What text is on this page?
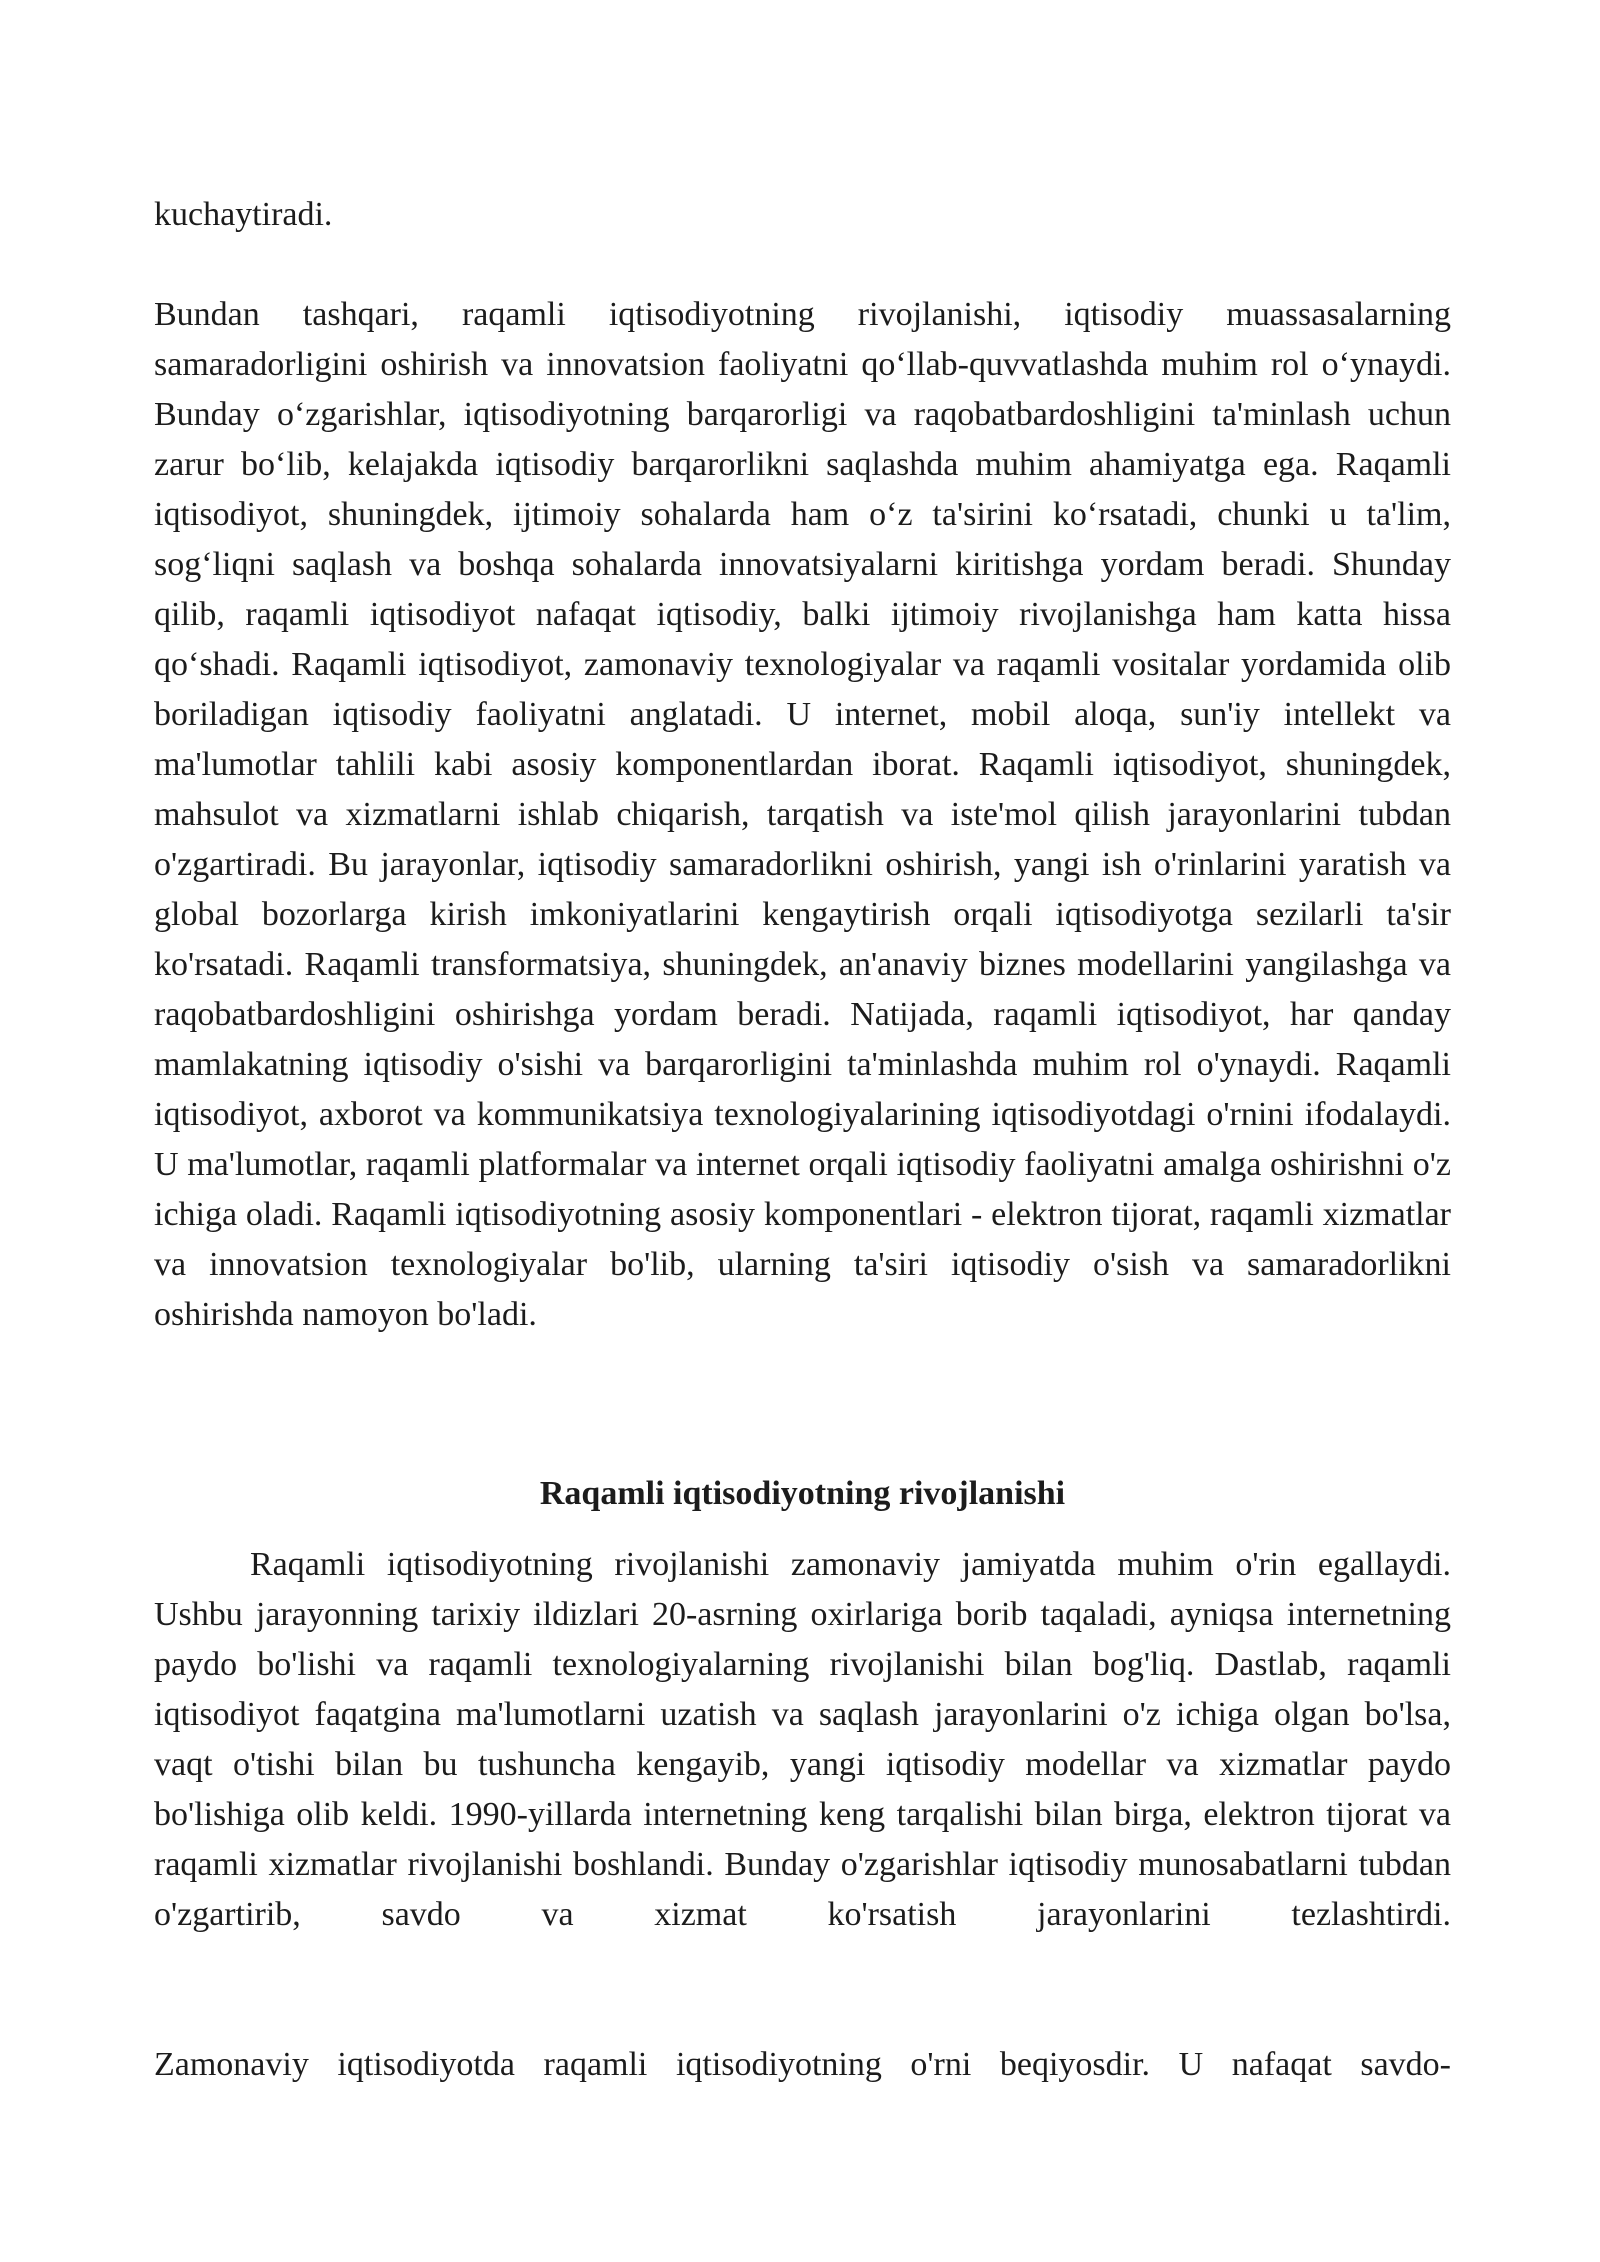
kuchaytiradi.
Bundan tashqari, raqamli iqtisodiyotning rivojlanishi, iqtisodiy muassasalarning samaradorligini oshirish va innovatsion faoliyatni qo‘llab-quvvatlashda muhim rol o‘ynaydi. Bunday o‘zgarishlar, iqtisodiyotning barqarorligi va raqobatbardoshligini ta'minlash uchun zarur bo‘lib, kelajakda iqtisodiy barqarorlikni saqlashda muhim ahamiyatga ega. Raqamli iqtisodiyot, shuningdek, ijtimoiy sohalarda ham o‘z ta'sirini ko‘rsatadi, chunki u ta'lim, sog‘liqni saqlash va boshqa sohalarda innovatsiyalarni kiritishga yordam beradi. Shunday qilib, raqamli iqtisodiyot nafaqat iqtisodiy, balki ijtimoiy rivojlanishga ham katta hissa qo‘shadi. Raqamli iqtisodiyot, zamonaviy texnologiyalar va raqamli vositalar yordamida olib boriladigan iqtisodiy faoliyatni anglatadi. U internet, mobil aloqa, sun'iy intellekt va ma'lumotlar tahlili kabi asosiy komponentlardan iborat. Raqamli iqtisodiyot, shuningdek, mahsulot va xizmatlarni ishlab chiqarish, tarqatish va iste'mol qilish jarayonlarini tubdan o'zgartiradi. Bu jarayonlar, iqtisodiy samaradorlikni oshirish, yangi ish o'rinlarini yaratish va global bozorlarga kirish imkoniyatlarini kengaytirish orqali iqtisodiyotga sezilarli ta'sir ko'rsatadi. Raqamli transformatsiya, shuningdek, an'anaviy biznes modellarini yangilashga va raqobatbardoshligini oshirishga yordam beradi. Natijada, raqamli iqtisodiyot, har qanday mamlakatning iqtisodiy o'sishi va barqarorligini ta'minlashda muhim rol o'ynaydi. Raqamli iqtisodiyot, axborot va kommunikatsiya texnologiyalarining iqtisodiyotdagi o'rnini ifodalaydi. U ma'lumotlar, raqamli platformalar va internet orqali iqtisodiy faoliyatni amalga oshirishni o'z ichiga oladi. Raqamli iqtisodiyotning asosiy komponentlari - elektron tijorat, raqamli xizmatlar va innovatsion texnologiyalar bo'lib, ularning ta'siri iqtisodiy o'sish va samaradorlikni oshirishda namoyon bo'ladi.
Raqamli iqtisodiyotning rivojlanishi
Raqamli iqtisodiyotning rivojlanishi zamonaviy jamiyatda muhim o'rin egallaydi. Ushbu jarayonning tarixiy ildizlari 20-asrning oxirlariga borib taqaladi, ayniqsa internetning paydo bo'lishi va raqamli texnologiyalarning rivojlanishi bilan bog'liq. Dastlab, raqamli iqtisodiyot faqatgina ma'lumotlarni uzatish va saqlash jarayonlarini o'z ichiga olgan bo'lsa, vaqt o'tishi bilan bu tushuncha kengayib, yangi iqtisodiy modellar va xizmatlar paydo bo'lishiga olib keldi. 1990-yillarda internetning keng tarqalishi bilan birga, elektron tijorat va raqamli xizmatlar rivojlanishi boshlandi. Bunday o'zgarishlar iqtisodiy munosabatlarni tubdan o'zgartirib, savdo va xizmat ko'rsatish jarayonlarini tezlashtirdi.
Zamonaviy iqtisodiyotda raqamli iqtisodiyotning o'rni beqiyosdir. U nafaqat savdo-
